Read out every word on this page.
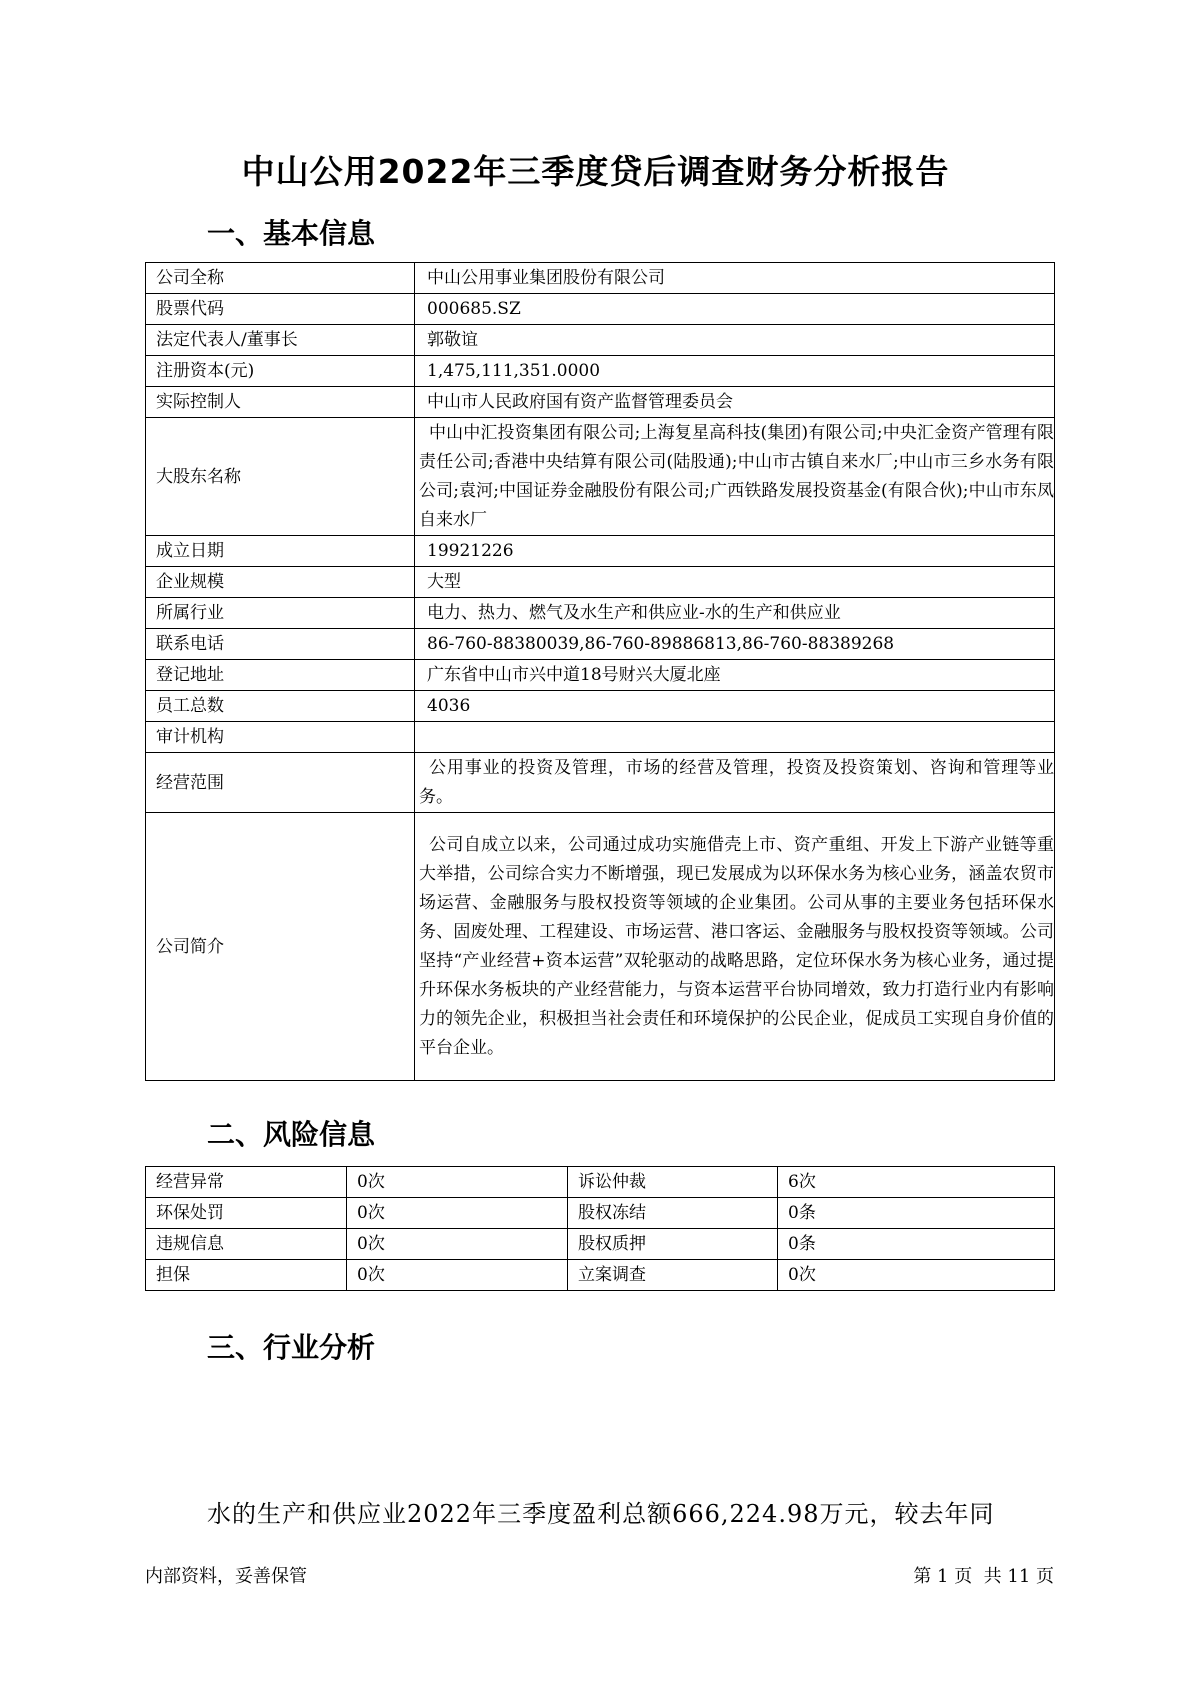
中山公用2022年三季度贷后调查财务分析报告
一、基本信息
公司全称	中山公用事业集团股份有限公司
股票代码	000685.SZ
法定代表人/董事长	郭敬谊
注册资本(元)	1,475,111,351.0000
实际控制人	中山市人民政府国有资产监督管理委员会
大股东名称	中山中汇投资集团有限公司;上海复星高科技(集团)有限公司;中央汇金资产管理有限责任公司;香港中央结算有限公司(陆股通);中山市古镇自来水厂;中山市三乡水务有限公司;袁河;中国证券金融股份有限公司;广西铁路发展投资基金(有限合伙);中山市东凤自来水厂
成立日期	19921226
企业规模	大型
所属行业	电力、热力、燃气及水生产和供应业-水的生产和供应业
联系电话	86-760-88380039,86-760-89886813,86-760-88389268
登记地址	广东省中山市兴中道18号财兴大厦北座
员工总数	4036
审计机构	
经营范围	公用事业的投资及管理，市场的经营及管理，投资及投资策划、咨询和管理等业务。
公司简介	公司自成立以来，公司通过成功实施借壳上市、资产重组、开发上下游产业链等重大举措，公司综合实力不断增强，现已发展成为以环保水务为核心业务，涵盖农贸市场运营、金融服务与股权投资等领域的企业集团。公司从事的主要业务包括环保水务、固废处理、工程建设、市场运营、港口客运、金融服务与股权投资等领域。公司坚持“产业经营+资本运营”双轮驱动的战略思路，定位环保水务为核心业务，通过提升环保水务板块的产业经营能力，与资本运营平台协同增效，致力打造行业内有影响力的领先企业，积极担当社会责任和环境保护的公民企业，促成员工实现自身价值的平台企业。
二、风险信息
经营异常	0次	诉讼仲裁	6次
环保处罚	0次	股权冻结	0条
违规信息	0次	股权质押	0条
担保	0次	立案调查	0次
三、行业分析
水的生产和供应业2022年三季度盈利总额666,224.98万元，较去年同
内部资料，妥善保管	第 1 页  共 11 页
